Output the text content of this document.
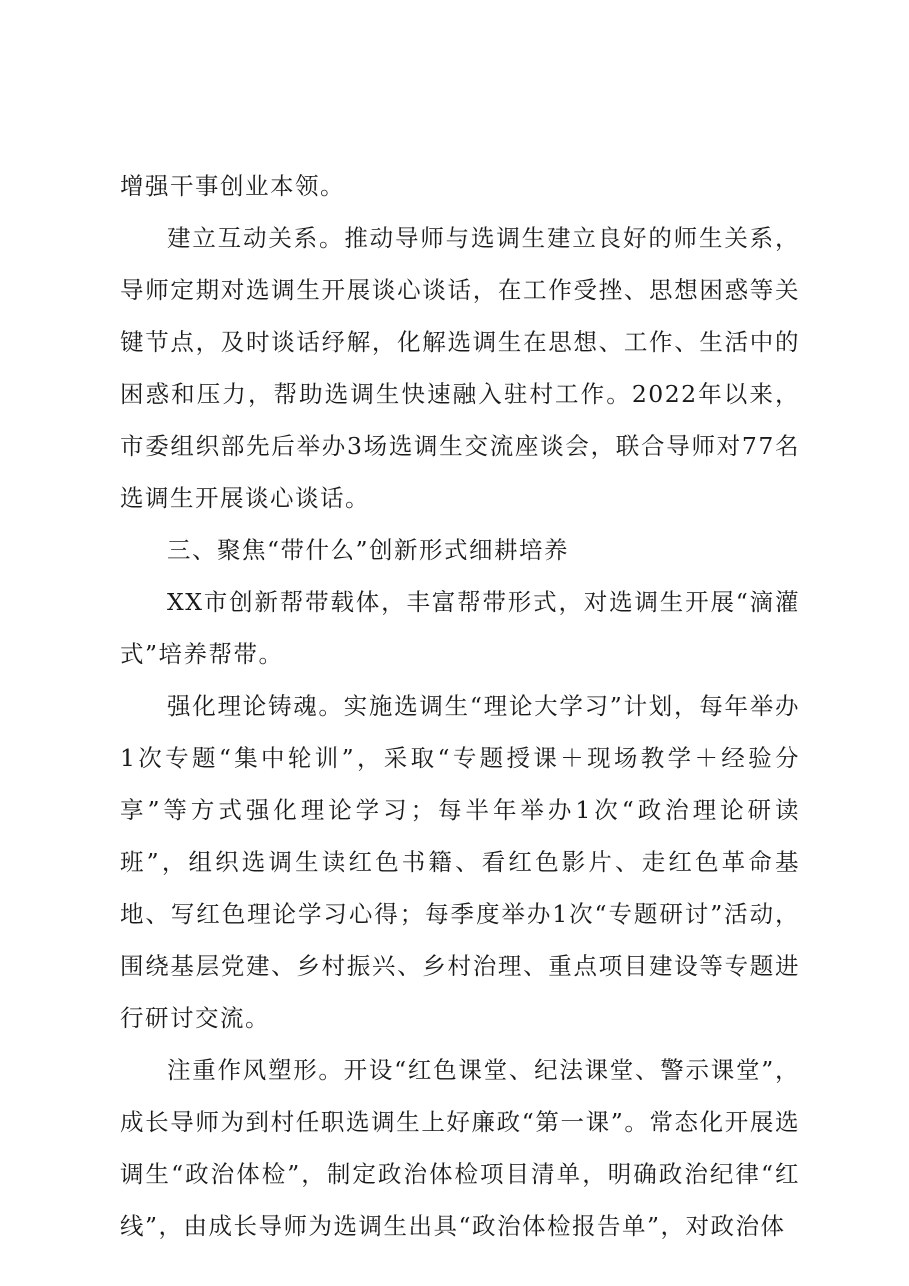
增强干事创业本领。

建立互动关系。推动导师与选调生建立良好的师生关系，导师定期对选调生开展谈心谈话，在工作受挫、思想困惑等关键节点，及时谈话纾解，化解选调生在思想、工作、生活中的困惑和压力，帮助选调生快速融入驻村工作。2022年以来，市委组织部先后举办3场选调生交流座谈会，联合导师对77名选调生开展谈心谈话。

三、聚焦“带什么”创新形式细耕培养

XX市创新帮带载体，丰富帮带形式，对选调生开展“滴灌式”培养帮带。

强化理论铸魂。实施选调生“理论大学习”计划，每年举办1次专题“集中轮训”，采取“专题授课＋现场教学＋经验分享”等方式强化理论学习；每半年举办1次“政治理论研读班”，组织选调生读红色书籍、看红色影片、走红色革命基地、写红色理论学习心得；每季度举办1次“专题研讨”活动，围绕基层党建、乡村振兴、乡村治理、重点项目建设等专题进行研讨交流。

注重作风塑形。开设“红色课堂、纪法课堂、警示课堂”，成长导师为到村任职选调生上好廉政“第一课”。常态化开展选调生“政治体检”，制定政治体检项目清单，明确政治纪律“红线”，由成长导师为选调生出具“政治体检报告单”，对政治体
